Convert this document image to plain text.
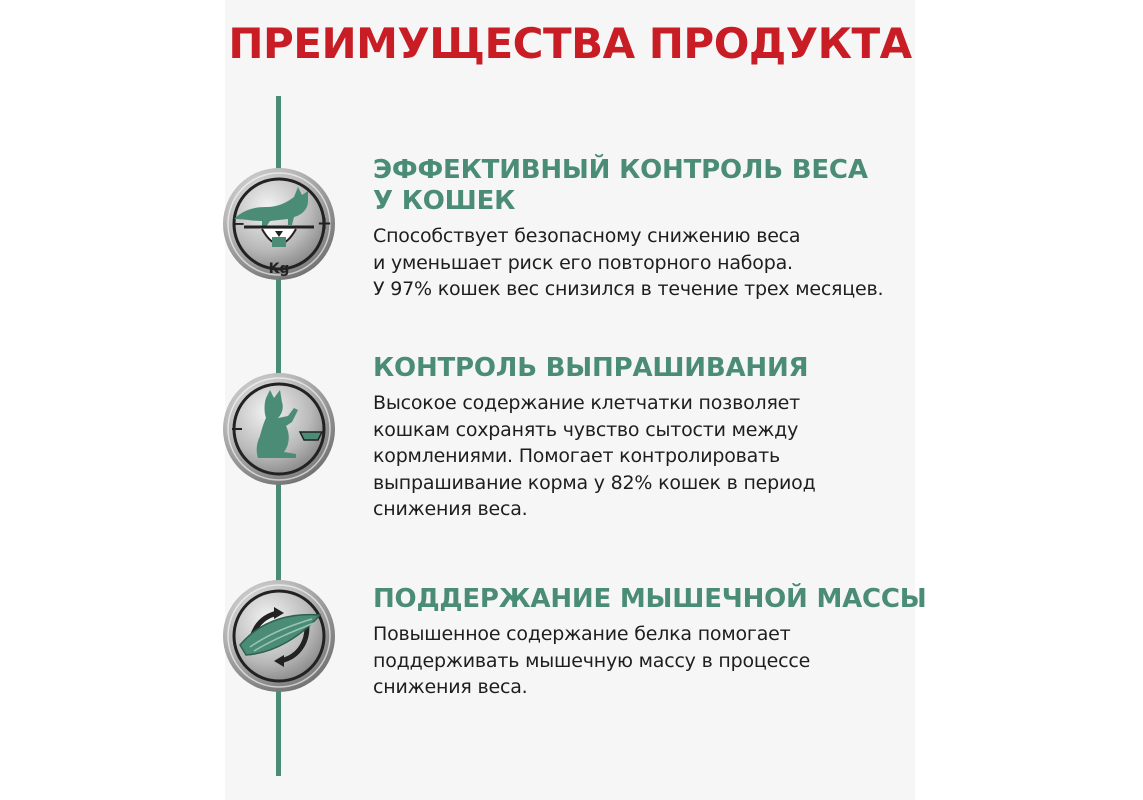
ПРЕИМУЩЕСТВА ПРОДУКТА
−	+
Kg
ЭФФЕКТИВНЫЙ КОНТРОЛЬ ВЕСА
У КОШЕК

Способствует безопасному снижению веса
и уменьшает риск его повторного набора.
У 97% кошек вес снизился в течение трех месяцев.

КОНТРОЛЬ ВЫПРАШИВАНИЯ

Высокое содержание клетчатки позволяет
кошкам сохранять чувство сытости между
кормлениями. Помогает контролировать
выпрашивание корма у 82% кошек в период
снижения веса.

ПОДДЕРЖАНИЕ МЫШЕЧНОЙ МАССЫ

Повышенное содержание белка помогает
поддерживать мышечную массу в процессе
снижения веса.
